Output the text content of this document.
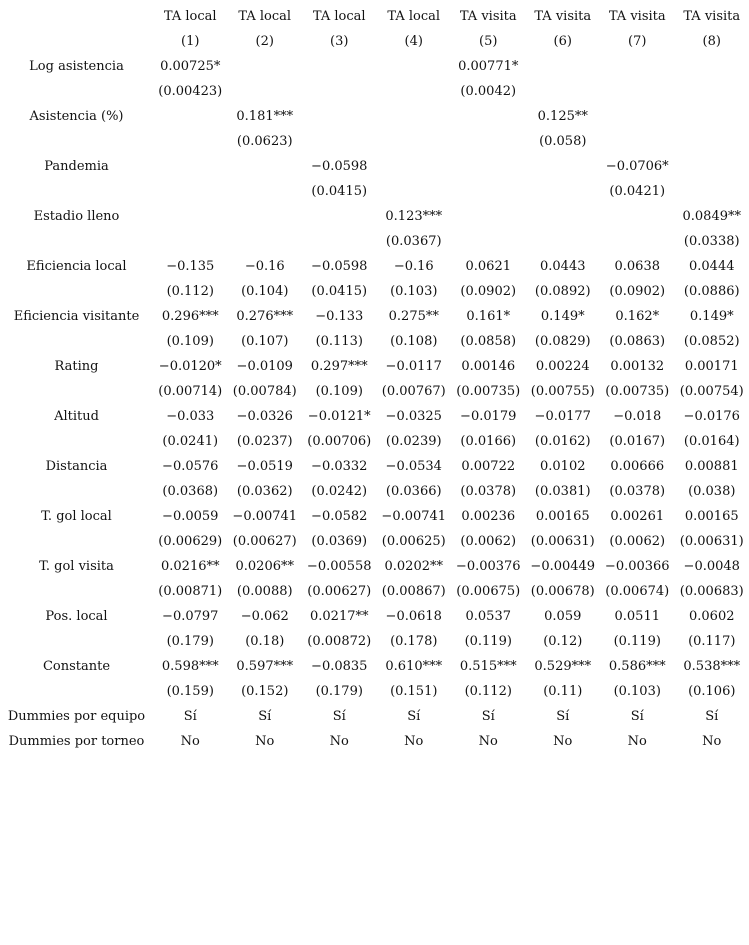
	TA local	TA local	TA local	TA local	TA visita	TA visita	TA visita	TA visita
	(1)	(2)	(3)	(4)	(5)	(6)	(7)	(8)
Log asistencia	0.00725*				0.00771*			
	(0.00423)				(0.0042)			
Asistencia (%)		0.181***				0.125**		
		(0.0623)				(0.058)		
Pandemia			−0.0598				−0.0706*	
			(0.0415)				(0.0421)	
Estadio lleno				0.123***				0.0849**
				(0.0367)				(0.0338)
Eficiencia local	−0.135	−0.16	−0.0598	−0.16	0.0621	0.0443	0.0638	0.0444
	(0.112)	(0.104)	(0.0415)	(0.103)	(0.0902)	(0.0892)	(0.0902)	(0.0886)
Eficiencia visitante	0.296***	0.276***	−0.133	0.275**	0.161*	0.149*	0.162*	0.149*
	(0.109)	(0.107)	(0.113)	(0.108)	(0.0858)	(0.0829)	(0.0863)	(0.0852)
Rating	−0.0120*	−0.0109	0.297***	−0.0117	0.00146	0.00224	0.00132	0.00171
	(0.00714)	(0.00784)	(0.109)	(0.00767)	(0.00735)	(0.00755)	(0.00735)	(0.00754)
Altitud	−0.033	−0.0326	−0.0121*	−0.0325	−0.0179	−0.0177	−0.018	−0.0176
	(0.0241)	(0.0237)	(0.00706)	(0.0239)	(0.0166)	(0.0162)	(0.0167)	(0.0164)
Distancia	−0.0576	−0.0519	−0.0332	−0.0534	0.00722	0.0102	0.00666	0.00881
	(0.0368)	(0.0362)	(0.0242)	(0.0366)	(0.0378)	(0.0381)	(0.0378)	(0.038)
T. gol local	−0.0059	−0.00741	−0.0582	−0.00741	0.00236	0.00165	0.00261	0.00165
	(0.00629)	(0.00627)	(0.0369)	(0.00625)	(0.0062)	(0.00631)	(0.0062)	(0.00631)
T. gol visita	0.0216**	0.0206**	−0.00558	0.0202**	−0.00376	−0.00449	−0.00366	−0.0048
	(0.00871)	(0.0088)	(0.00627)	(0.00867)	(0.00675)	(0.00678)	(0.00674)	(0.00683)
Pos. local	−0.0797	−0.062	0.0217**	−0.0618	0.0537	0.059	0.0511	0.0602
	(0.179)	(0.18)	(0.00872)	(0.178)	(0.119)	(0.12)	(0.119)	(0.117)
Constante	0.598***	0.597***	−0.0835	0.610***	0.515***	0.529***	0.586***	0.538***
	(0.159)	(0.152)	(0.179)	(0.151)	(0.112)	(0.11)	(0.103)	(0.106)
Dummies por equipo	Sí	Sí	Sí	Sí	Sí	Sí	Sí	Sí
Dummies por torneo	No	No	No	No	No	No	No	No
